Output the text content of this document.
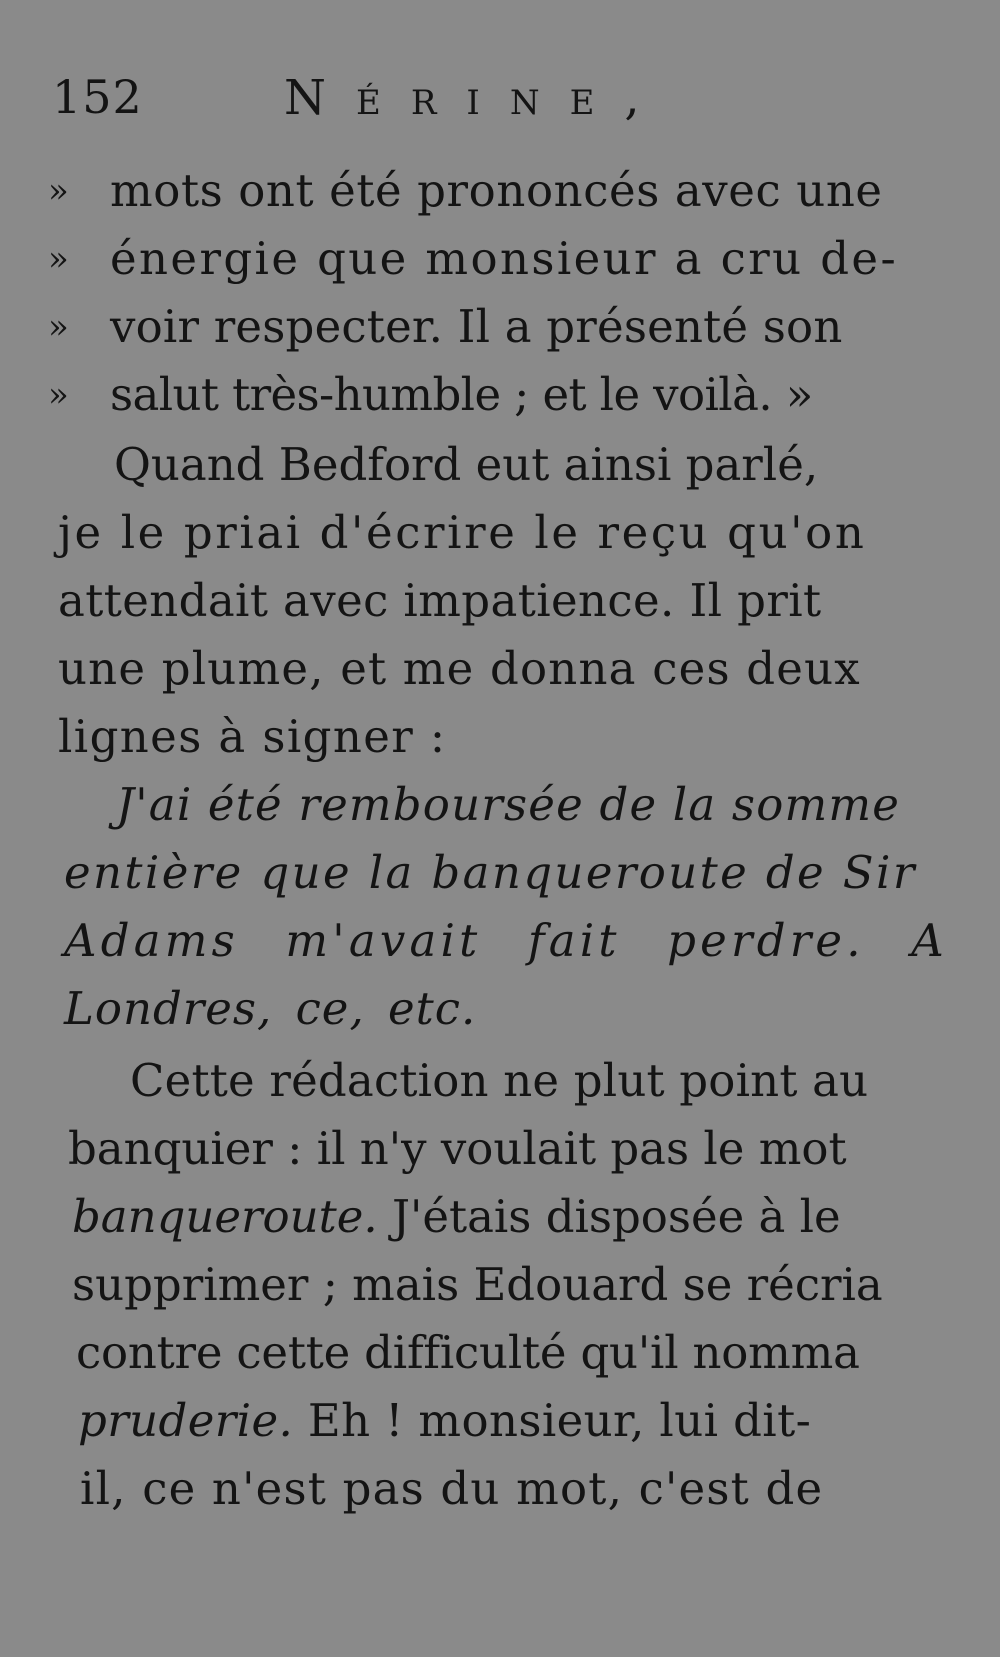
152	Nérine,
» mots ont été prononcés avec une
» énergie que monsieur a cru de-
» voir respecter. Il a présenté son
» salut très-humble ; et le voilà. »
Quand Bedford eut ainsi parlé,
je le priai d'écrire le reçu qu'on
attendait avec impatience. Il prit
une plume, et me donna ces deux
lignes à signer :
J'ai été remboursée de la somme
entière que la banqueroute de Sir
Adams m'avait fait perdre. A
Londres, ce, etc.
Cette rédaction ne plut point au
banquier : il n'y voulait pas le mot
banqueroute. J'étais disposée à le
supprimer ; mais Edouard se récria
contre cette difficulté qu'il nomma
pruderie. Eh ! monsieur, lui dit-
il, ce n'est pas du mot, c'est de
